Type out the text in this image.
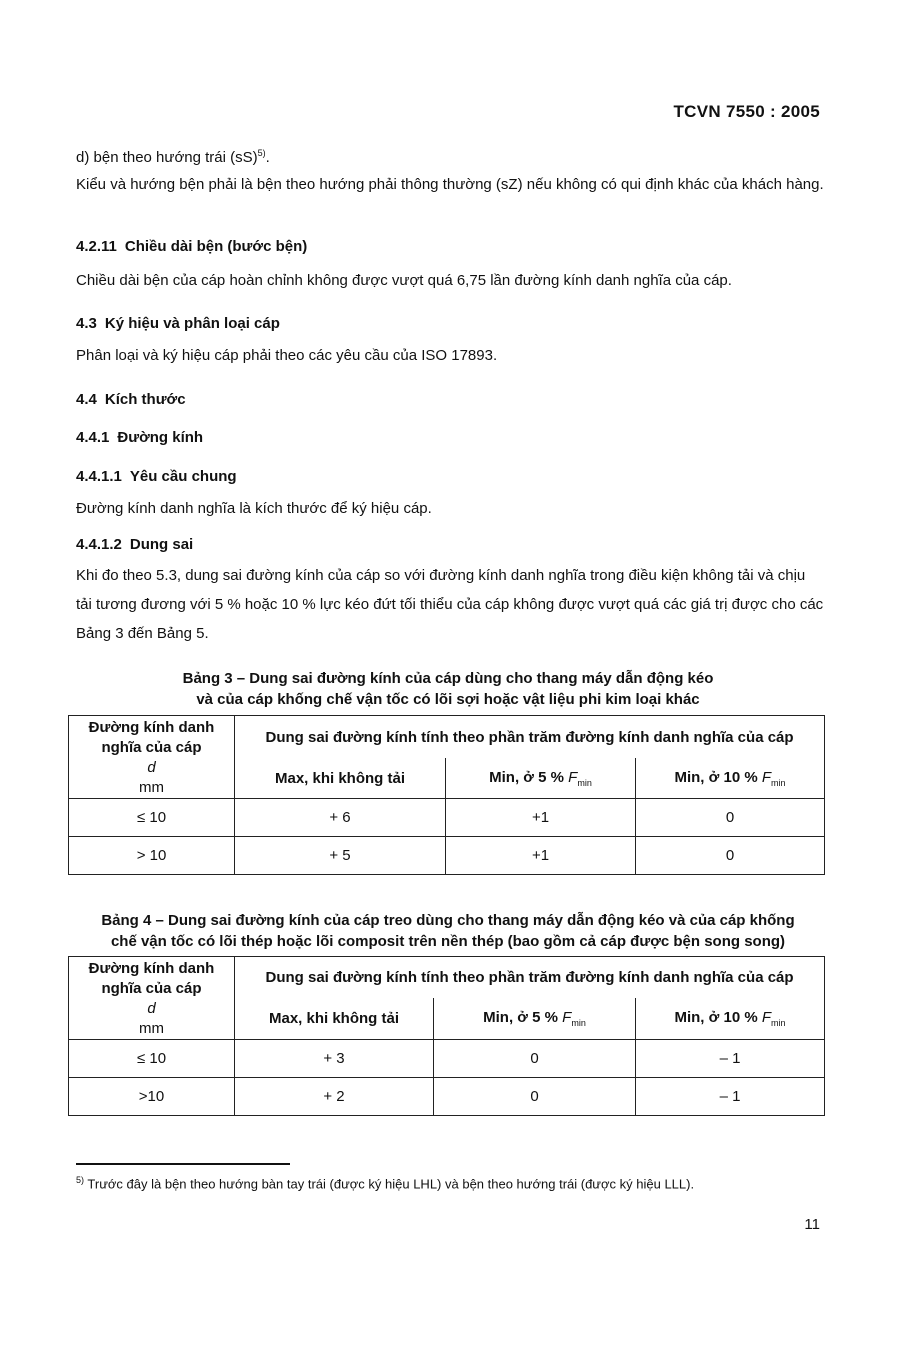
TCVN 7550 : 2005
d) bện theo hướng trái (sS)$^{5)}$.
Kiểu và hướng bện phải là bện theo hướng phải thông thường (sZ) nếu không có qui định khác của khách hàng.
4.2.11 Chiều dài bện (bước bện)
Chiều dài bện của cáp hoàn chỉnh không được vượt quá 6,75 lần đường kính danh nghĩa của cáp.
4.3 Ký hiệu và phân loại cáp
Phân loại và ký hiệu cáp phải theo các yêu cầu của ISO 17893.
4.4 Kích thước
4.4.1 Đường kính
4.4.1.1 Yêu cầu chung
Đường kính danh nghĩa là kích thước để ký hiệu cáp.
4.4.1.2 Dung sai
Khi đo theo 5.3, dung sai đường kính của cáp so với đường kính danh nghĩa trong điều kiện không tải và chịu tải tương đương với 5 % hoặc 10 % lực kéo đứt tối thiểu của cáp không được vượt quá các giá trị được cho các Bảng 3 đến Bảng 5.
Bảng 3 – Dung sai đường kính của cáp dùng cho thang máy dẫn động kéo
và của cáp khống chế vận tốc có lõi sợi hoặc vật liệu phi kim loại khác
Đường kính danh
nghĩa của cáp
d
mm	Dung sai đường kính tính theo phần trăm đường kính danh nghĩa của cáp		
	Max, khi không tải	Min, ở 5 % $F_{min}$	Min, ở 10 % $F_{min}$
≤ 10	+ 6	+1	0
> 10	+ 5	+1	0
Bảng 4 – Dung sai đường kính của cáp treo dùng cho thang máy dẫn động kéo và của cáp khống
chế vận tốc có lõi thép hoặc lõi composit trên nền thép (bao gồm cả cáp được bện song song)
Đường kính danh
nghĩa của cáp
d
mm	Dung sai đường kính tính theo phần trăm đường kính danh nghĩa của cáp		
	Max, khi không tải	Min, ở 5 % $F_{min}$	Min, ở 10 % $F_{min}$
≤ 10	+ 3	0	– 1
>10	+ 2	0	– 1
$^{5)}$ Trước đây là bện theo hướng bàn tay trái (được ký hiệu LHL) và bện theo hướng trái (được ký hiệu LLL).
11
